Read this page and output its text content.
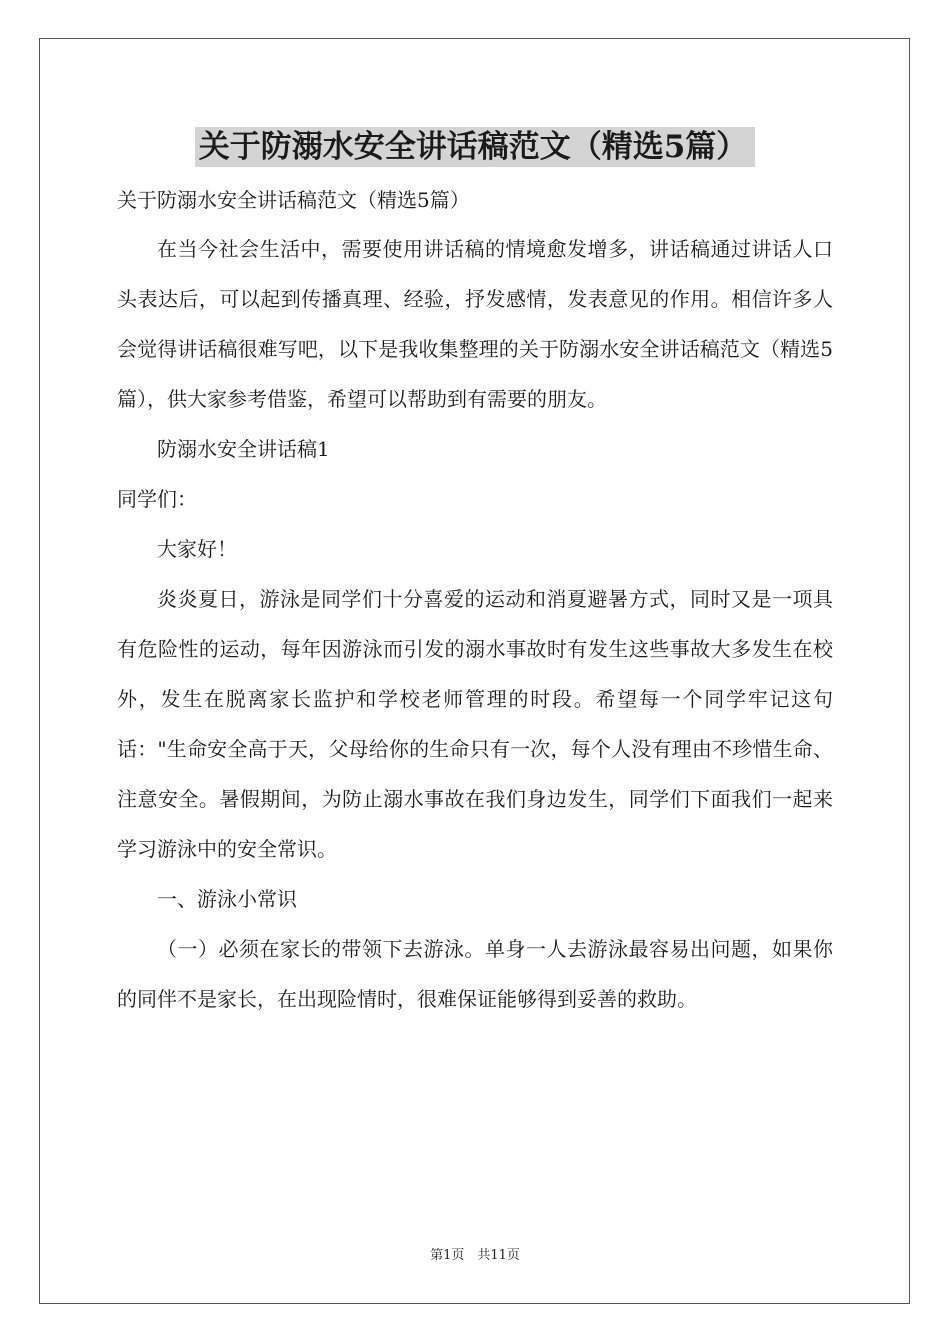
关于防溺水安全讲话稿范文（精选5篇）

关于防溺水安全讲话稿范文（精选5篇）

在当今社会生活中，需要使用讲话稿的情境愈发增多，讲话稿通过讲话人口头表达后，可以起到传播真理、经验，抒发感情，发表意见的作用。相信许多人会觉得讲话稿很难写吧，以下是我收集整理的关于防溺水安全讲话稿范文（精选5篇），供大家参考借鉴，希望可以帮助到有需要的朋友。

防溺水安全讲话稿1

同学们：

大家好！

炎炎夏日，游泳是同学们十分喜爱的运动和消夏避暑方式，同时又是一项具有危险性的运动，每年因游泳而引发的溺水事故时有发生这些事故大多发生在校外，发生在脱离家长监护和学校老师管理的时段。希望每一个同学牢记这句话："生命安全高于天，父母给你的生命只有一次，每个人没有理由不珍惜生命、注意安全。暑假期间，为防止溺水事故在我们身边发生，同学们下面我们一起来学习游泳中的安全常识。

一、游泳小常识

（一）必须在家长的带领下去游泳。单身一人去游泳最容易出问题，如果你的同伴不是家长，在出现险情时，很难保证能够得到妥善的救助。

第1页　共11页
